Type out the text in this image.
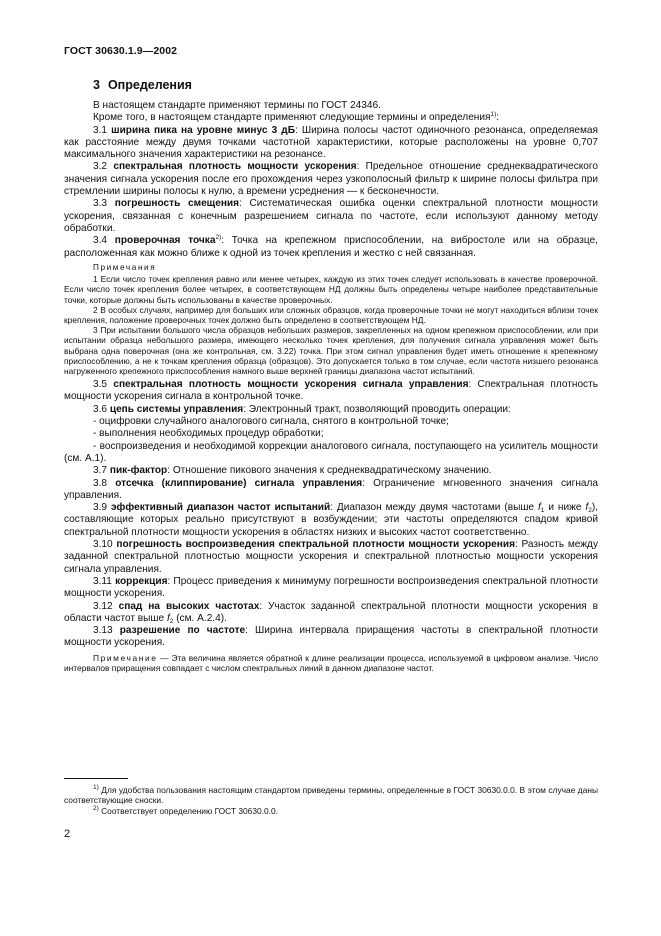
ГОСТ 30630.1.9—2002
3 Определения

В настоящем стандарте применяют термины по ГОСТ 24346.

Кроме того, в настоящем стандарте применяют следующие термины и определения$^{1)}$:

3.1 ширина пика на уровне минус 3 дБ: Ширина полосы частот одиночного резонанса, определяемая как расстояние между двумя точками частотной характеристики, которые расположены на уровне 0,707 максимального значения характеристики на резонансе.

3.2 спектральная плотность мощности ускорения: Предельное отношение среднеквадратического значения сигнала ускорения после его прохождения через узкополосный фильтр к ширине полосы фильтра при стремлении ширины полосы к нулю, а времени усреднения — к бесконечности.

3.3 погрешность смещения: Систематическая ошибка оценки спектральной плотности мощности ускорения, связанная с конечным разрешением сигнала по частоте, если используют данному методу обработки.

3.4 проверочная точка$^{2)}$: Точка на крепежном приспособлении, на вибростоле или на образце, расположенная как можно ближе к одной из точек крепления и жестко с ней связанная.

Примечания

1 Если число точек крепления равно или менее четырех, каждую из этих точек следует использовать в качестве проверочной. Если число точек крепления более четырех, в соответствующем НД должны быть определены четыре наиболее представительные точки, которые должны быть использованы в качестве проверочных.

2 В особых случаях, например для больших или сложных образцов, когда проверочные точки не могут находиться вблизи точек крепления, положение проверочных точек должно быть определено в соответствующем НД.

3 При испытании большого числа образцов небольших размеров, закрепленных на одном крепежном приспособлении, или при испытании образца небольшого размера, имеющего несколько точек крепления, для получения сигнала управления может быть выбрана одна поверочная (она же контрольная, см. 3.22) точка. При этом сигнал управления будет иметь отношение к крепежному приспособлению, а не к точкам крепления образца (образцов). Это допускается только в том случае, если частота низшего резонанса нагруженного крепежного приспособления намного выше верхней границы диапазона частот испытаний.

3.5 спектральная плотность мощности ускорения сигнала управления: Спектральная плотность мощности ускорения сигнала в контрольной точке.

3.6 цепь системы управления: Электронный тракт, позволяющий проводить операции:

- оцифровки случайного аналогового сигнала, снятого в контрольной точке;

- выполнения необходимых процедур обработки;

- воспроизведения и необходимой коррекции аналогового сигнала, поступающего на усилитель мощности (см. А.1).

3.7 пик-фактор: Отношение пикового значения к среднеквадратическому значению.

3.8 отсечка (клиппирование) сигнала управления: Ограничение мгновенного значения сигнала управления.

3.9 эффективный диапазон частот испытаний: Диапазон между двумя частотами (выше $f_1$ и ниже $f_2$), составляющие которых реально присутствуют в возбуждении; эти частоты определяются спадом кривой спектральной плотности мощности ускорения в областях низких и высоких частот соответственно.

3.10 погрешность воспроизведения спектральной плотности мощности ускорения: Разность между заданной спектральной плотностью мощности ускорения и спектральной плотностью мощности ускорения сигнала управления.

3.11 коррекция: Процесс приведения к минимуму погрешности воспроизведения спектральной плотности мощности ускорения.

3.12 спад на высоких частотах: Участок заданной спектральной плотности мощности ускорения в области частот выше $f_2$ (см. А.2.4).

3.13 разрешение по частоте: Ширина интервала приращения частоты в спектральной плотности мощности ускорения.

Примечание — Эта величина является обратной к длине реализации процесса, используемой в цифровом анализе. Число интервалов приращения совпадает с числом спектральных линий в данном диапазоне частот.

$^{1)}$ Для удобства пользования настоящим стандартом приведены термины, определенные в ГОСТ 30630.0.0. В этом случае даны соответствующие сноски.

$^{2)}$ Соответствует определению ГОСТ 30630.0.0.

2
